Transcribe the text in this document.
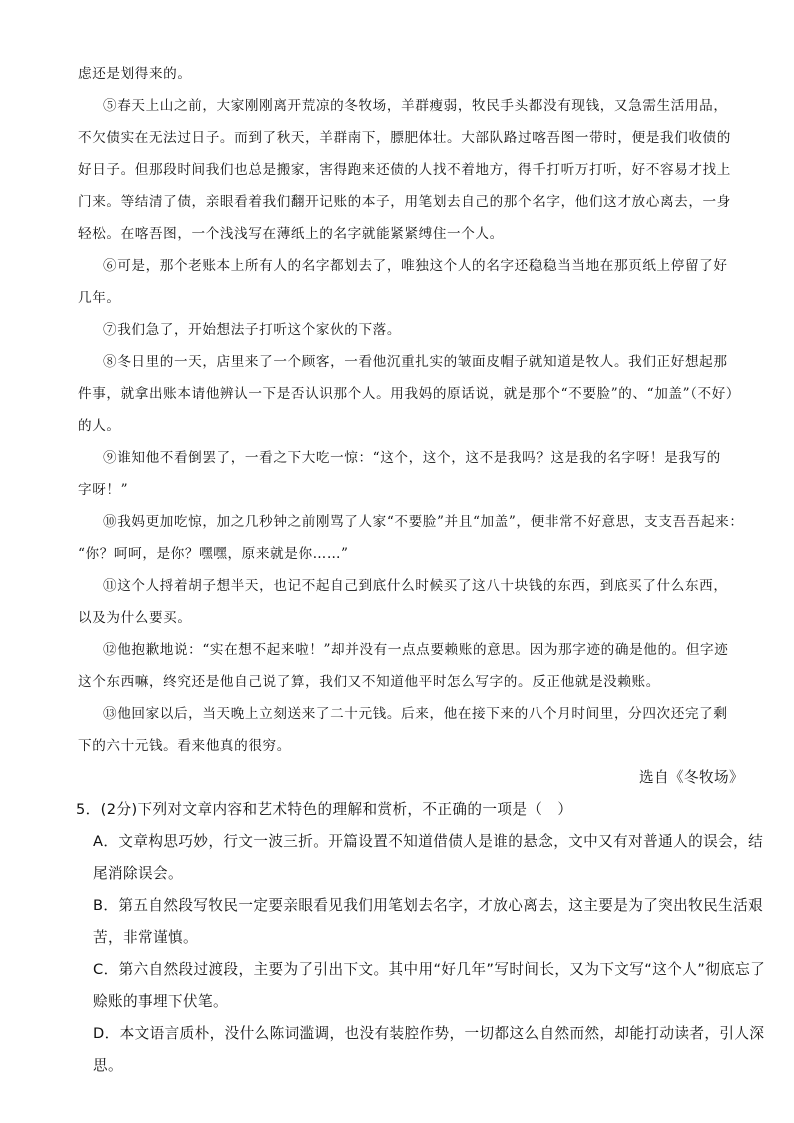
虑还是划得来的。
⑤春天上山之前，大家刚刚离开荒凉的冬牧场，羊群瘦弱，牧民手头都没有现钱，又急需生活用品，
不欠债实在无法过日子。而到了秋天，羊群南下，膘肥体壮。大部队路过喀吾图一带时，便是我们收债的
好日子。但那段时间我们也总是搬家，害得跑来还债的人找不着地方，得千打听万打听，好不容易才找上
门来。等结清了债，亲眼看着我们翻开记账的本子，用笔划去自己的那个名字，他们这才放心离去，一身
轻松。在喀吾图，一个浅浅写在薄纸上的名字就能紧紧缚住一个人。
⑥可是，那个老账本上所有人的名字都划去了，唯独这个人的名字还稳稳当当地在那页纸上停留了好
几年。
⑦我们急了，开始想法子打听这个家伙的下落。
⑧冬日里的一天，店里来了一个顾客，一看他沉重扎实的皱面皮帽子就知道是牧人。我们正好想起那
件事，就拿出账本请他辨认一下是否认识那个人。用我妈的原话说，就是那个“不要脸”的、“加盖”（不好）
的人。
⑨谁知他不看倒罢了，一看之下大吃一惊：“这个，这个，这不是我吗？这是我的名字呀！是我写的
字呀！”
⑩我妈更加吃惊，加之几秒钟之前刚骂了人家“不要脸”并且“加盖”，便非常不好意思，支支吾吾起来：
“你？呵呵，是你？嘿嘿，原来就是你……”
⑪这个人捋着胡子想半天，也记不起自己到底什么时候买了这八十块钱的东西，到底买了什么东西，
以及为什么要买。
⑫他抱歉地说：“实在想不起来啦！”却并没有一点点要赖账的意思。因为那字迹的确是他的。但字迹
这个东西嘛，终究还是他自己说了算，我们又不知道他平时怎么写字的。反正他就是没赖账。
⑬他回家以后，当天晚上立刻送来了二十元钱。后来，他在接下来的八个月时间里，分四次还完了剩
下的六十元钱。看来他真的很穷。
选自《冬牧场》
5．(2分)下列对文章内容和艺术特色的理解和赏析，不正确的一项是（　）
A．文章构思巧妙，行文一波三折。开篇设置不知道借债人是谁的悬念，文中又有对普通人的误会，结
尾消除误会。
B．第五自然段写牧民一定要亲眼看见我们用笔划去名字，才放心离去，这主要是为了突出牧民生活艰
苦，非常谨慎。
C．第六自然段过渡段，主要为了引出下文。其中用“好几年”写时间长，又为下文写“这个人”彻底忘了
赊账的事埋下伏笔。
D．本文语言质朴，没什么陈词滥调，也没有装腔作势，一切都这么自然而然，却能打动读者，引人深
思。
